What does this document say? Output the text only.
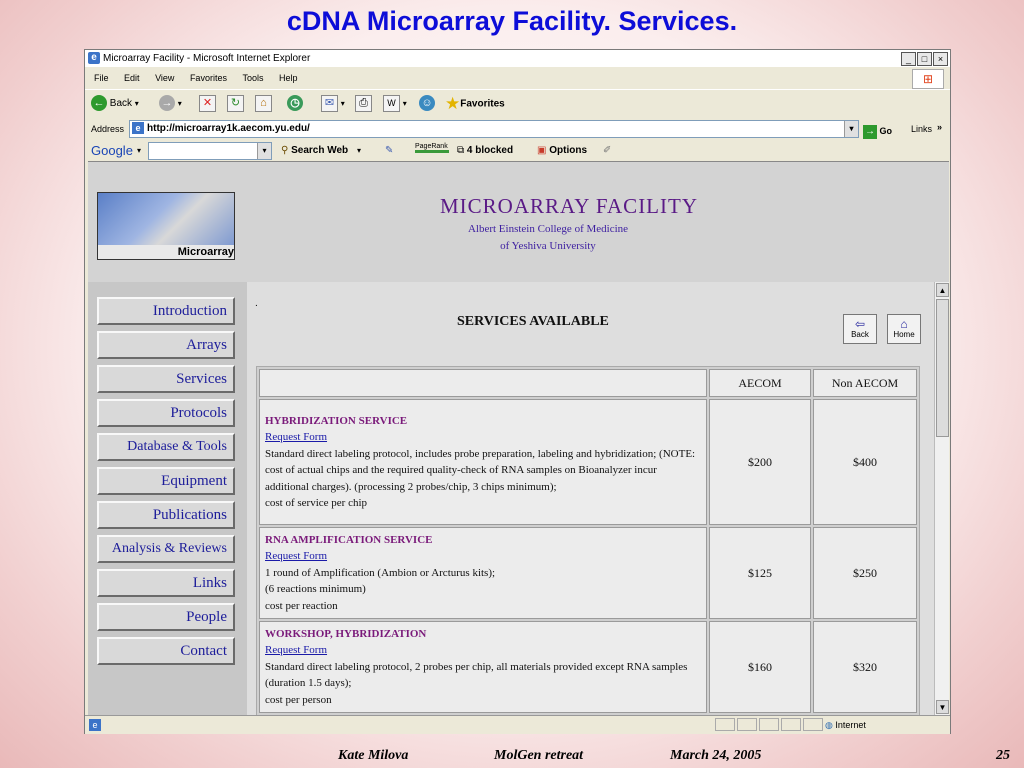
cDNA Microarray Facility. Services.
e Microarray Facility - Microsoft Internet Explorer	_ □ ×
File Edit View Favorites Tools Help	⊞
← Back ▾ → ▾	✕	↻	⌂	◷	✉ ▾	⎙	W ▾ ☺ ★Favorites
Address	e http://microarray1k.aecom.yu.edu/	▾	→ Go Links »
Google ▾	▾	⚲ Search Web ▾ ✎	PageRank ⧉ 4 blocked ▣ Options ✐
Microarray
MICROARRAY FACILITY
Albert Einstein College of Medicine
of Yeshiva University
Introduction
Arrays
Services
Protocols
Database & Tools
Equipment
Publications
Analysis & Reviews
Links
People
Contact
.
SERVICES AVAILABLE	⇦
Back
⌂
Home
	AECOM	Non AECOM

HYBRIDIZATION SERVICE
Request Form
Standard direct labeling protocol, includes probe preparation, labeling and hybridization; (NOTE: cost of actual chips and the required quality-check of RNA samples on Bioanalyzer incur additional charges). (processing 2 probes/chip, 3 chips minimum);
cost of service per chip	$200	$400

RNA AMPLIFICATION SERVICE
Request Form
1 round of Amplification (Ambion or Arcturus kits);
(6 reactions minimum)
cost per reaction	$125	$250

WORKSHOP, HYBRIDIZATION
Request Form
Standard direct labeling protocol, 2 probes per chip, all materials provided except RNA samples (duration 1.5 days);
cost per person	$160	$320
▲
▼
e	◍ Internet
Kate Milova	MolGen retreat	March 24, 2005	25
